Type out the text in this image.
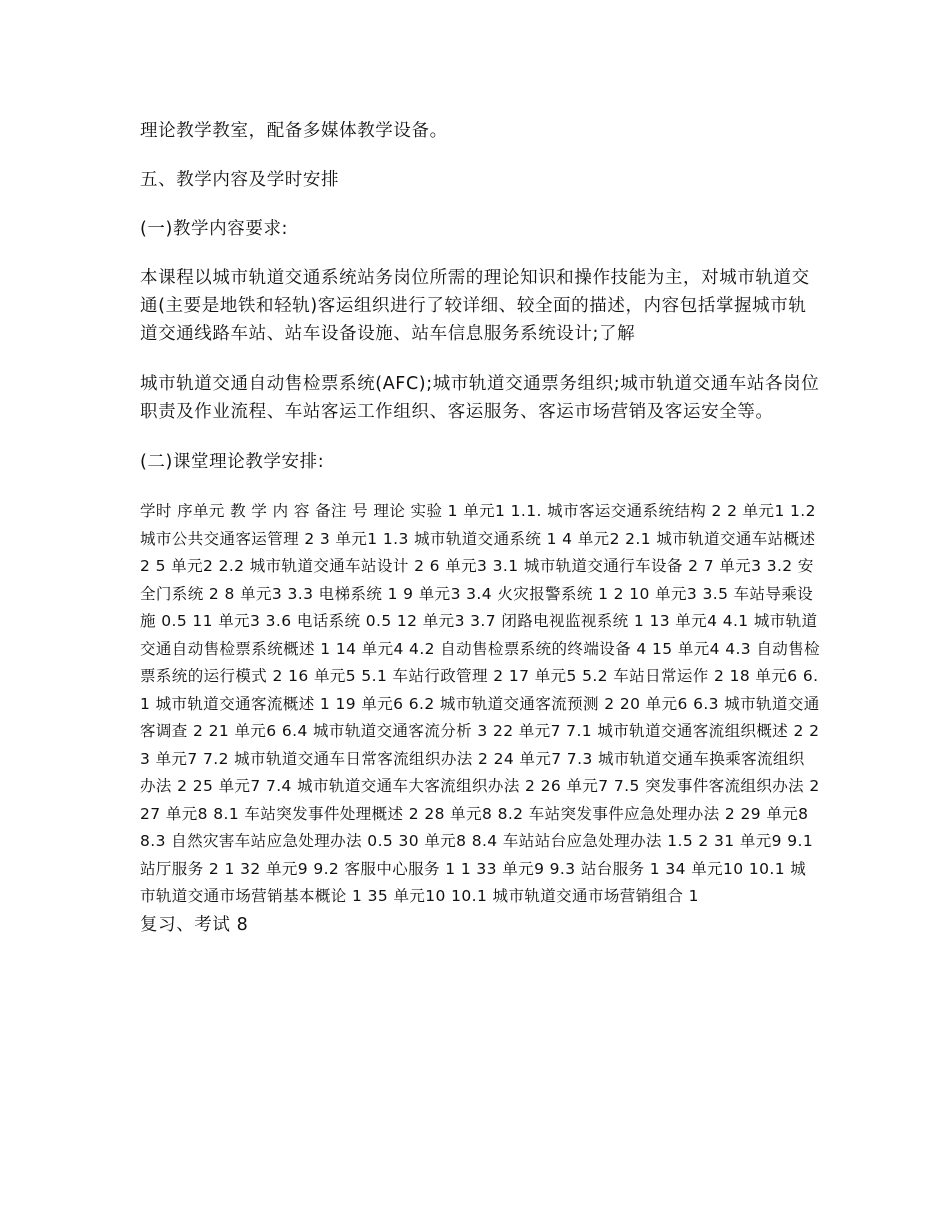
理论教学教室，配备多媒体教学设备。

五、教学内容及学时安排

(一)教学内容要求:

本课程以城市轨道交通系统站务岗位所需的理论知识和操作技能为主，对城市轨道交通(主要是地铁和轻轨)客运组织进行了较详细、较全面的描述，内容包括掌握城市轨道交通线路车站、站车设备设施、站车信息服务系统设计;了解

城市轨道交通自动售检票系统(AFC);城市轨道交通票务组织;城市轨道交通车站各岗位职责及作业流程、车站客运工作组织、客运服务、客运市场营销及客运安全等。

(二)课堂理论教学安排:

学时 序单元 教 学 内 容 备注 号 理论 实验 1 单元1 1.1. 城市客运交通系统结构 2 2 单元1 1.2 城市公共交通客运管理 2 3 单元1 1.3 城市轨道交通系统 1 4 单元2 2.1 城市轨道交通车站概述 2 5 单元2 2.2 城市轨道交通车站设计 2 6 单元3 3.1 城市轨道交通行车设备 2 7 单元3 3.2 安全门系统 2 8 单元3 3.3 电梯系统 1 9 单元3 3.4 火灾报警系统 1 2 10 单元3 3.5 车站导乘设施 0.5 11 单元3 3.6 电话系统 0.5 12 单元3 3.7 闭路电视监视系统 1 13 单元4 4.1 城市轨道交通自动售检票系统概述 1 14 单元4 4.2 自动售检票系统的终端设备 4 15 单元4 4.3 自动售检票系统的运行模式 2 16 单元5 5.1 车站行政管理 2 17 单元5 5.2 车站日常运作 2 18 单元6 6.1 城市轨道交通客流概述 1 19 单元6 6.2 城市轨道交通客流预测 2 20 单元6 6.3 城市轨道交通客调查 2 21 单元6 6.4 城市轨道交通客流分析 3 22 单元7 7.1 城市轨道交通客流组织概述 2 23 单元7 7.2 城市轨道交通车日常客流组织办法 2 24 单元7 7.3 城市轨道交通车换乘客流组织办法 2 25 单元7 7.4 城市轨道交通车大客流组织办法 2 26 单元7 7.5 突发事件客流组织办法 2 27 单元8 8.1 车站突发事件处理概述 2 28 单元8 8.2 车站突发事件应急处理办法 2 29 单元8 8.3 自然灾害车站应急处理办法 0.5 30 单元8 8.4 车站站台应急处理办法 1.5 2 31 单元9 9.1 站厅服务 2 1 32 单元9 9.2 客服中心服务 1 1 33 单元9 9.3 站台服务 1 34 单元10 10.1 城市轨道交通市场营销基本概论 1 35 单元10 10.1 城市轨道交通市场营销组合 1

复习、考试 8
